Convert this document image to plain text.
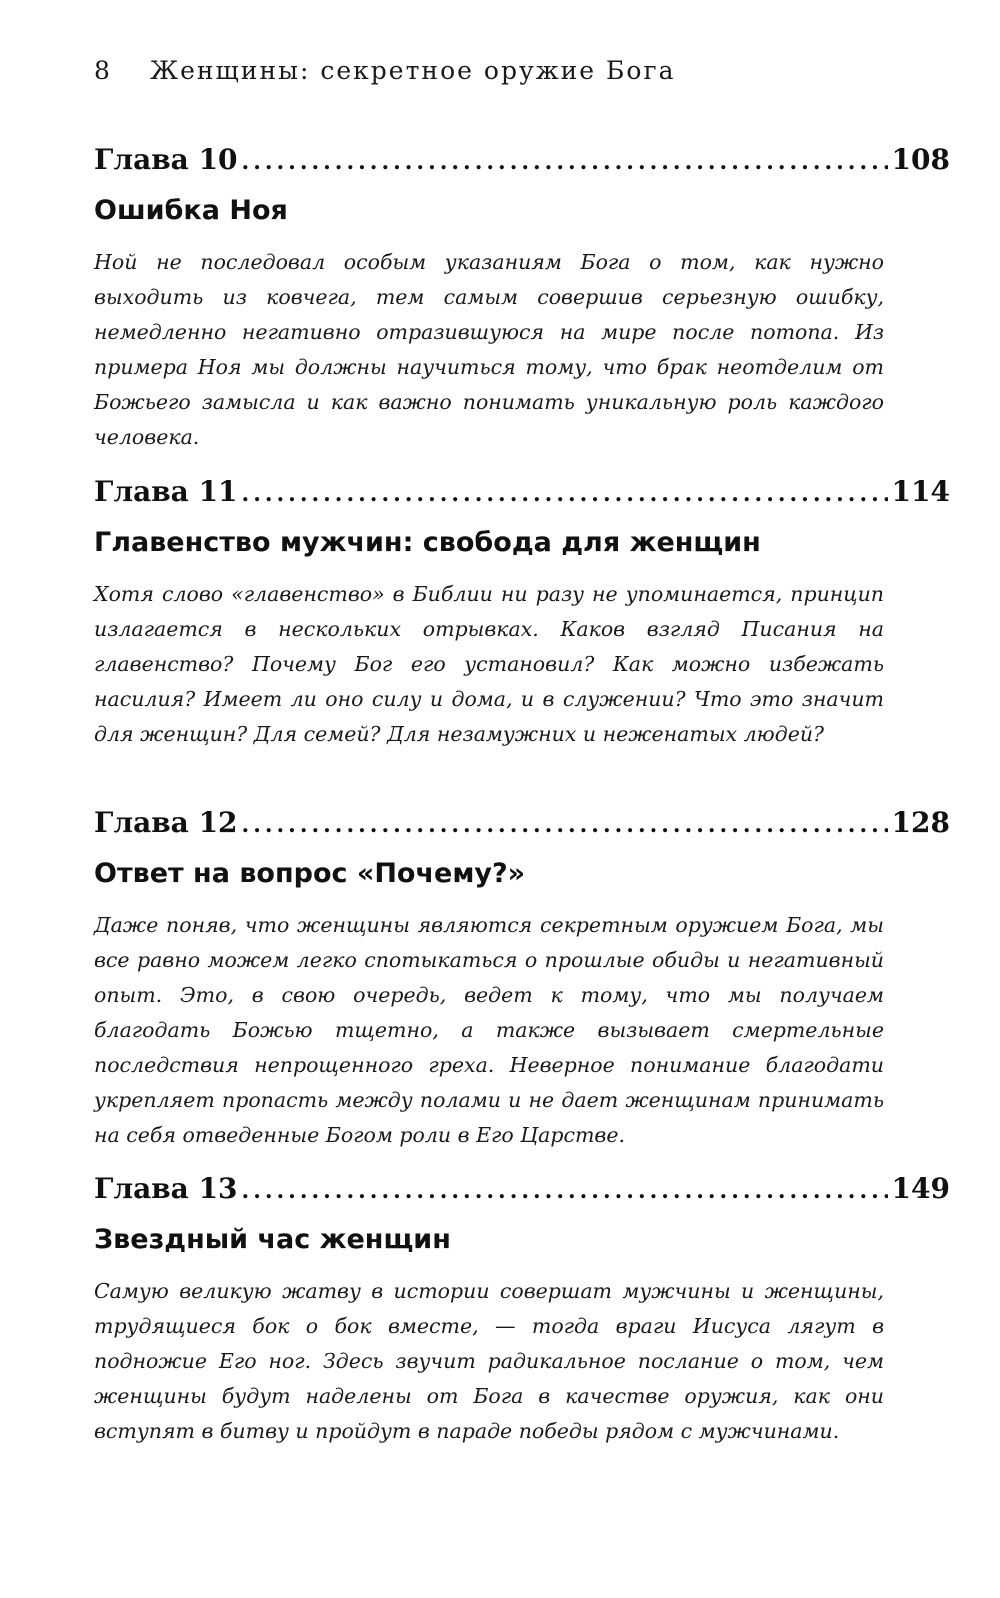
8 Женщины: секретное оружие Бога
Глава 10 .....	108
Ошибка Ноя
Ной не последовал особым указаниям Бога о том, как нужно выходить из ковчега, тем самым совершив серьезную ошибку, немедленно негативно отразившуюся на мире после потопа. Из примера Ноя мы должны научиться тому, что брак неотделим от Божьего замысла и как важно понимать уникальную роль каждого человека.
Глава 11 .....	114
Главенство мужчин: свобода для женщин
Хотя слово «главенство» в Библии ни разу не упоминается, принцип излагается в нескольких отрывках. Каков взгляд Писания на главенство? Почему Бог его установил? Как можно избежать насилия? Имеет ли оно силу и дома, и в служении? Что это значит для женщин? Для семей? Для незамужних и неженатых людей?
Глава 12 .....	128
Ответ на вопрос «Почему?»
Даже поняв, что женщины являются секретным оружием Бога, мы все равно можем легко спотыкаться о прошлые обиды и негативный опыт. Это, в свою очередь, ведет к тому, что мы получаем благодать Божью тщетно, а также вызывает смертельные последствия непрощенного греха. Неверное понимание благодати укрепляет пропасть между полами и не дает женщинам принимать на себя отведенные Богом роли в Его Царстве.
Глава 13 .....	149
Звездный час женщин
Самую великую жатву в истории совершат мужчины и женщины, трудящиеся бок о бок вместе, — тогда враги Иисуса лягут в подножие Его ног. Здесь звучит радикальное послание о том, чем женщины будут наделены от Бога в качестве оружия, как они вступят в битву и пройдут в параде победы рядом с мужчинами.
